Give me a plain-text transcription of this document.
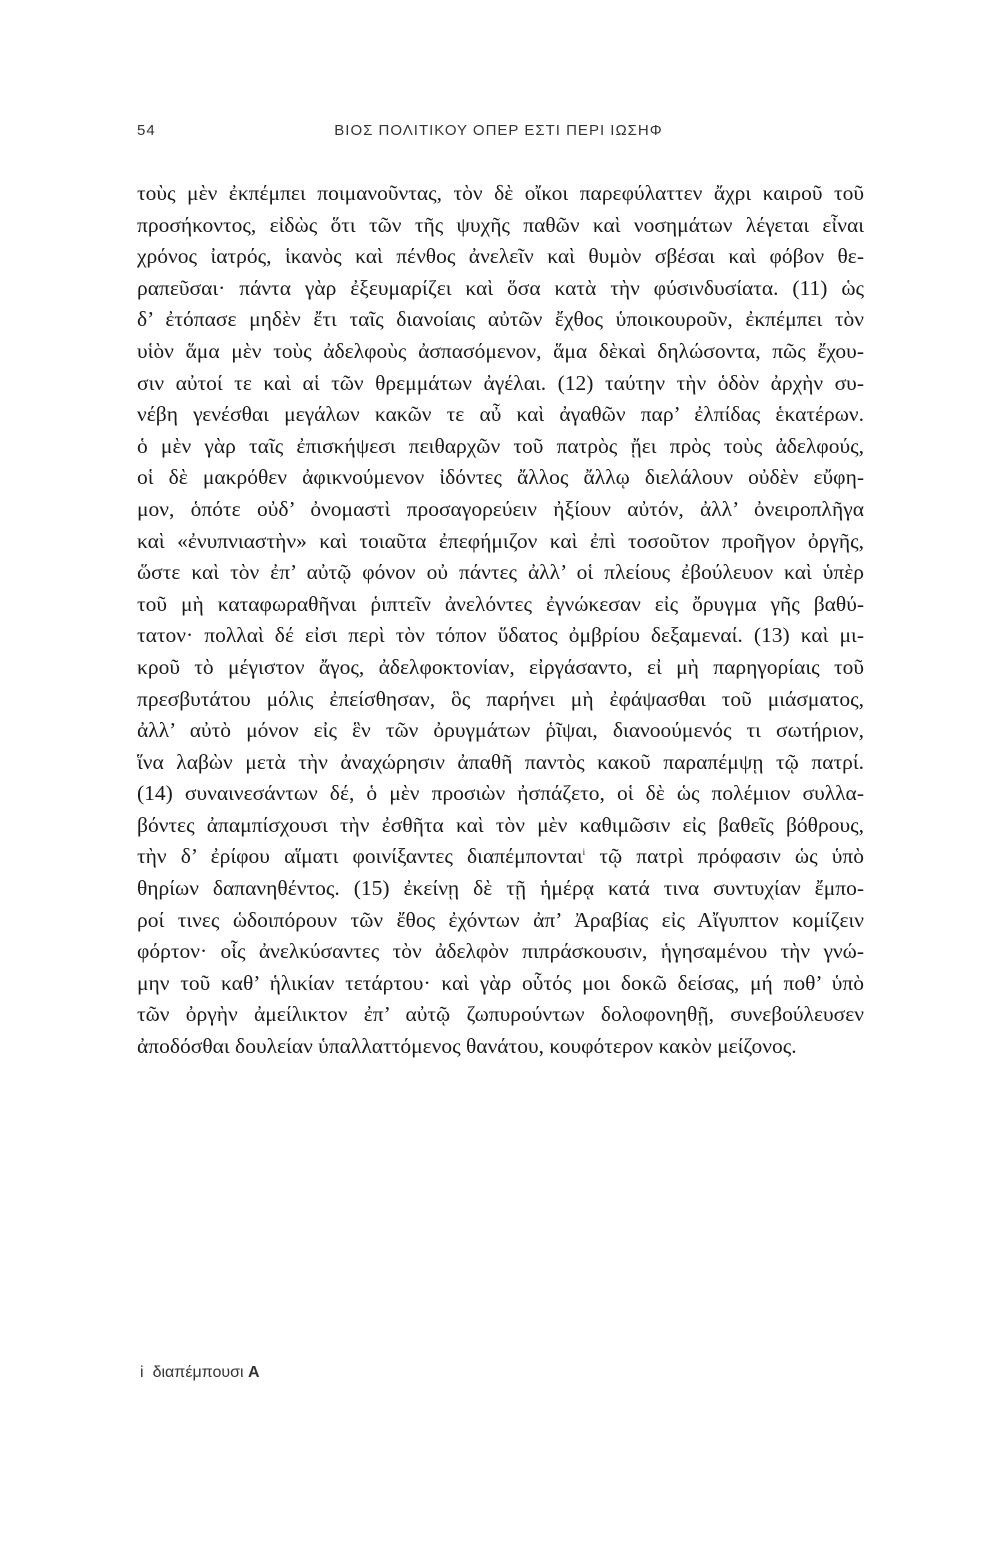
54	ΒΙΟΣ ΠΟΛΙΤΙΚΟΥ ΟΠΕΡ ΕΣΤΙ ΠΕΡΙ ΙΩΣΗΦ
τοὺς μὲν ἐκπέμπει ποιμανοῦντας, τὸν δὲ οἴκοι παρεφύλαττεν ἄχρι καιροῦ τοῦ
προσήκοντος, εἰδὼς ὅτι τῶν τῆς ψυχῆς παθῶν καὶ νοσημάτων λέγεται εἶναι
χρόνος ἰατρός, ἱκανὸς καὶ πένθος ἀνελεῖν καὶ θυμὸν σβέσαι καὶ φόβον θε-
ραπεῦσαι· πάντα γὰρ ἐξευμαρίζει καὶ ὅσα κατὰ τὴν φύσινδυσίατα. (11) ὡς
δ’ ἐτόπασε μηδὲν ἔτι ταῖς διανοίαις αὐτῶν ἔχθος ὑποικουροῦν, ἐκπέμπει τὸν
υἱὸν ἅμα μὲν τοὺς ἀδελφοὺς ἀσπασόμενον, ἅμα δὲκαὶ δηλώσοντα, πῶς ἔχου-
σιν αὐτοί τε καὶ αἱ τῶν θρεμμάτων ἀγέλαι. (12) ταύτην τὴν ὁδὸν ἀρχὴν συ-
νέβη γενέσθαι μεγάλων κακῶν τε αὖ καὶ ἀγαθῶν παρ’ ἐλπίδας ἑκατέρων.
ὁ μὲν γὰρ ταῖς ἐπισκήψεσι πειθαρχῶν τοῦ πατρὸς ᾔει πρὸς τοὺς ἀδελφούς,
οἱ δὲ μακρόθεν ἀφικνούμενον ἰδόντες ἄλλος ἄλλῳ διελάλουν οὐδὲν εὔφη-
μον, ὁπότε οὐδ’ ὀνομαστὶ προσαγορεύειν ἠξίουν αὐτόν, ἀλλ’ ὀνειροπλῆγα
καὶ «ἐνυπνιαστὴν» καὶ τοιαῦτα ἐπεφήμιζον καὶ ἐπὶ τοσοῦτον προῆγον ὀργῆς,
ὥστε καὶ τὸν ἐπ’ αὐτῷ φόνον οὐ πάντες ἀλλ’ οἱ πλείους ἐβούλευον καὶ ὑπὲρ
τοῦ μὴ καταφωραθῆναι ῥιπτεῖν ἀνελόντες ἐγνώκεσαν εἰς ὄρυγμα γῆς βαθύ-
τατον· πολλαὶ δέ εἰσι περὶ τὸν τόπον ὕδατος ὀμβρίου δεξαμεναί. (13) καὶ μι-
κροῦ τὸ μέγιστον ἄγος, ἀδελφοκτονίαν, εἰργάσαντο, εἰ μὴ παρηγορίαις τοῦ
πρεσβυτάτου μόλις ἐπείσθησαν, ὃς παρήνει μὴ ἐφάψασθαι τοῦ μιάσματος,
ἀλλ’ αὐτὸ μόνον εἰς ἓν τῶν ὀρυγμάτων ῥῖψαι, διανοούμενός τι σωτήριον,
ἵνα λαβὼν μετὰ τὴν ἀναχώρησιν ἀπαθῆ παντὸς κακοῦ παραπέμψῃ τῷ πατρί.
(14) συναινεσάντων δέ, ὁ μὲν προσιὼν ἠσπάζετο, οἱ δὲ ὡς πολέμιον συλλα-
βόντες ἀπαμπίσχουσι τὴν ἐσθῆτα καὶ τὸν μὲν καθιμῶσιν εἰς βαθεῖς βόθρους,
τὴν δ’ ἐρίφου αἵματι φοινίξαντες διαπέμπονται$^i$ τῷ πατρὶ πρόφασιν ὡς ὑπὸ
θηρίων δαπανηθέντος. (15) ἐκείνῃ δὲ τῇ ἡμέρᾳ κατά τινα συντυχίαν ἔμπο-
ροί τινες ὡδοιπόρουν τῶν ἔθος ἐχόντων ἀπ’ Ἀραβίας εἰς Αἴγυπτον κομίζειν
φόρτον· οἷς ἀνελκύσαντες τὸν ἀδελφὸν πιπράσκουσιν, ἡγησαμένου τὴν γνώ-
μην τοῦ καθ’ ἡλικίαν τετάρτου· καὶ γὰρ οὗτός μοι δοκῶ δείσας, μή ποθ’ ὑπὸ
τῶν ὀργὴν ἀμείλικτον ἐπ’ αὐτῷ ζωπυρούντων δολοφονηθῇ, συνεβούλευσεν
ἀποδόσθαι δουλείαν ὑπαλλαττόμενος θανάτου, κουφότερον κακὸν μείζονος.
i διαπέμπουσι A
